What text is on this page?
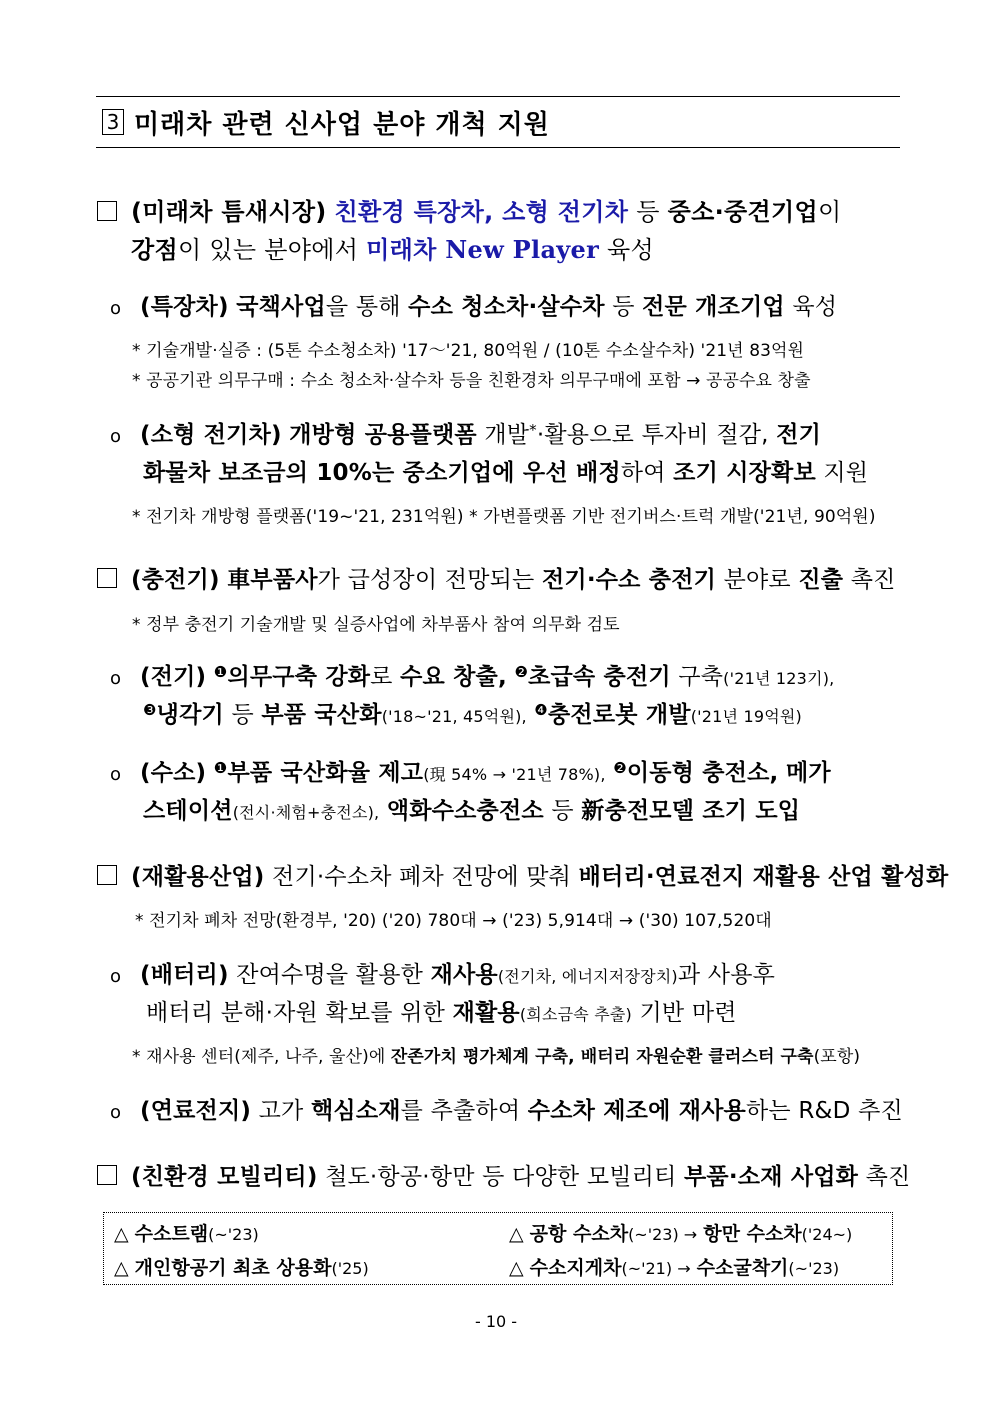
3 미래차 관련 신사업 분야 개척 지원
(미래차 틈새시장) 친환경 특장차, 소형 전기차 등 중소·중견기업이
강점이 있는 분야에서 미래차 New Player 육성
o (특장차) 국책사업을 통해 수소 청소차·살수차 등 전문 개조기업 육성
* 기술개발·실증 : (5톤 수소청소차) '17～'21, 80억원 / (10톤 수소살수차) '21년 83억원
* 공공기관 의무구매 : 수소 청소차·살수차 등을 친환경차 의무구매에 포함 → 공공수요 창출
o (소형 전기차) 개방형 공용플랫폼 개발*·활용으로 투자비 절감, 전기
화물차 보조금의 10%는 중소기업에 우선 배정하여 조기 시장확보 지원
* 전기차 개방형 플랫폼('19~'21, 231억원) * 가변플랫폼 기반 전기버스·트럭 개발('21년, 90억원)
(충전기) 車부품사가 급성장이 전망되는 전기·수소 충전기 분야로 진출 촉진
* 정부 충전기 기술개발 및 실증사업에 차부품사 참여 의무화 검토
o (전기) $^❶$의무구축 강화로 수요 창출, $^❷$초급속 충전기 구축('21년 123기),
$^❸$냉각기 등 부품 국산화('18~'21, 45억원), $^❹$충전로봇 개발('21년 19억원)
o (수소) $^❶$부품 국산화율 제고(現 54% → '21년 78%), $^❷$이동형 충전소, 메가
스테이션(전시·체험+충전소), 액화수소충전소 등 新충전모델 조기 도입
(재활용산업) 전기·수소차 폐차 전망에 맞춰 배터리·연료전지 재활용 산업 활성화
* 전기차 폐차 전망(환경부, '20) ('20) 780대 → ('23) 5,914대 → ('30) 107,520대
o (배터리) 잔여수명을 활용한 재사용(전기차, 에너지저장장치)과 사용후
배터리 분해·자원 확보를 위한 재활용(희소금속 추출) 기반 마련
* 재사용 센터(제주, 나주, 울산)에 잔존가치 평가체계 구축, 배터리 자원순환 클러스터 구축(포항)
o (연료전지) 고가 핵심소재를 추출하여 수소차 제조에 재사용하는 R&D 추진
(친환경 모빌리티) 철도·항공·항만 등 다양한 모빌리티 부품·소재 사업화 촉진
△ 수소트램(~'23)	△ 공항 수소차(~'23) → 항만 수소차('24~)
△ 개인항공기 최초 상용화('25)	△ 수소지게차(~'21) → 수소굴착기(~'23)
- 10 -
